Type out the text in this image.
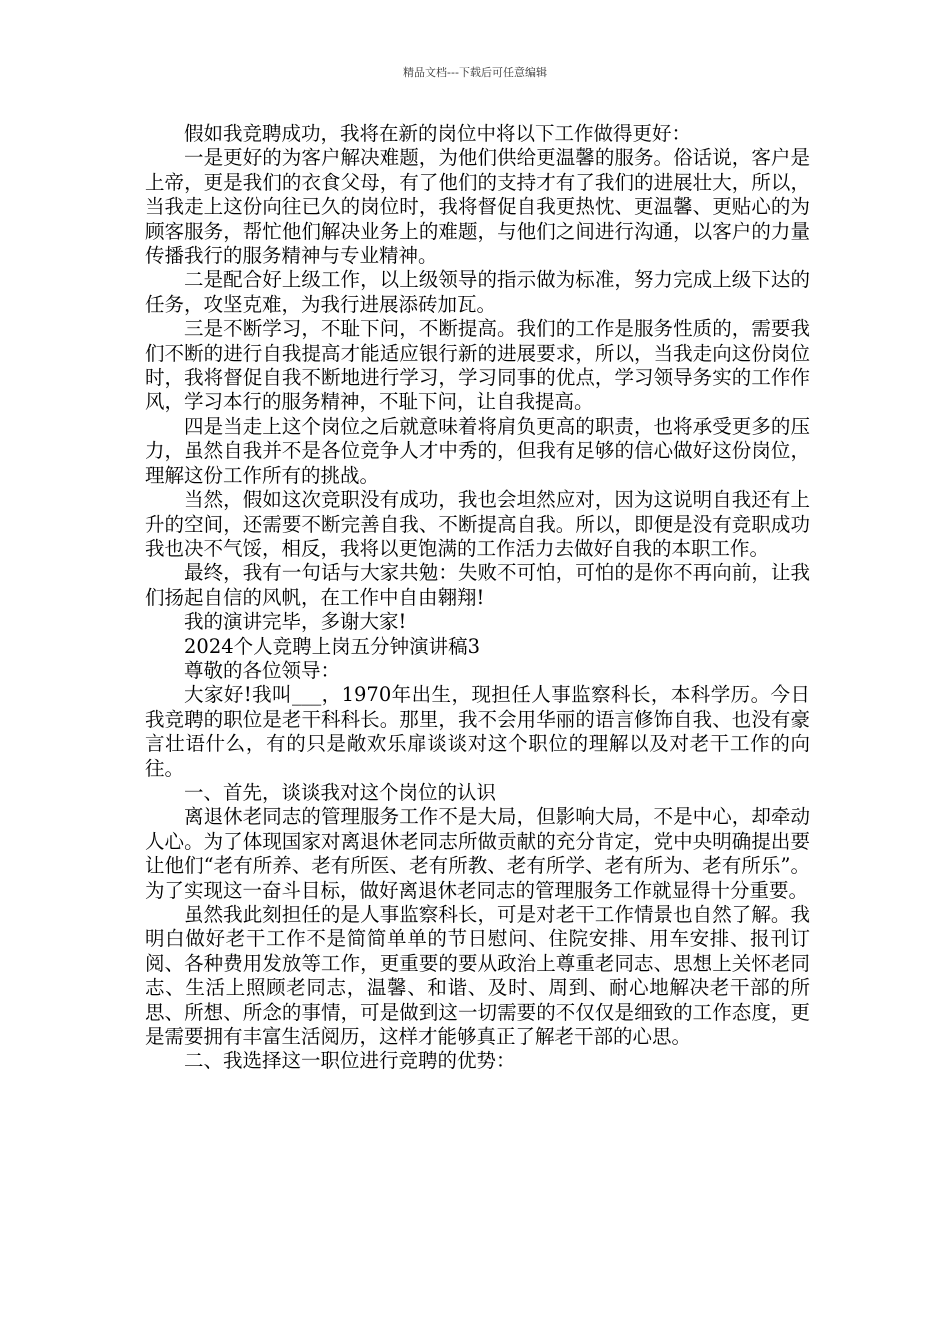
精品文档---下载后可任意编辑

假如我竞聘成功，我将在新的岗位中将以下工作做得更好：

一是更好的为客户解决难题，为他们供给更温馨的服务。俗话说，客户是上帝，更是我们的衣食父母，有了他们的支持才有了我们的进展壮大，所以，当我走上这份向往已久的岗位时，我将督促自我更热忱、更温馨、更贴心的为顾客服务，帮忙他们解决业务上的难题，与他们之间进行沟通，以客户的力量传播我行的服务精神与专业精神。

二是配合好上级工作，以上级领导的指示做为标准，努力完成上级下达的任务，攻坚克难，为我行进展添砖加瓦。

三是不断学习，不耻下问，不断提高。我们的工作是服务性质的，需要我们不断的进行自我提高才能适应银行新的进展要求，所以，当我走向这份岗位时，我将督促自我不断地进行学习，学习同事的优点，学习领导务实的工作作风，学习本行的服务精神，不耻下问，让自我提高。

四是当走上这个岗位之后就意味着将肩负更高的职责，也将承受更多的压力，虽然自我并不是各位竞争人才中秀的，但我有足够的信心做好这份岗位，理解这份工作所有的挑战。

当然，假如这次竞职没有成功，我也会坦然应对，因为这说明自我还有上升的空间，还需要不断完善自我、不断提高自我。所以，即便是没有竞职成功我也决不气馁，相反，我将以更饱满的工作活力去做好自我的本职工作。

最终，我有一句话与大家共勉：失败不可怕，可怕的是你不再向前，让我们扬起自信的风帆，在工作中自由翱翔!

我的演讲完毕，多谢大家!

2024个人竞聘上岗五分钟演讲稿3

尊敬的各位领导：

大家好!我叫___，1970年出生，现担任人事监察科长，本科学历。今日我竞聘的职位是老干科科长。那里，我不会用华丽的语言修饰自我、也没有豪言壮语什么，有的只是敞欢乐扉谈谈对这个职位的理解以及对老干工作的向往。

一、首先，谈谈我对这个岗位的认识

离退休老同志的管理服务工作不是大局，但影响大局，不是中心，却牵动人心。为了体现国家对离退休老同志所做贡献的充分肯定，党中央明确提出要让他们“老有所养、老有所医、老有所教、老有所学、老有所为、老有所乐”。为了实现这一奋斗目标，做好离退休老同志的管理服务工作就显得十分重要。

虽然我此刻担任的是人事监察科长，可是对老干工作情景也自然了解。我明白做好老干工作不是简简单单的节日慰问、住院安排、用车安排、报刊订阅、各种费用发放等工作，更重要的要从政治上尊重老同志、思想上关怀老同志、生活上照顾老同志，温馨、和谐、及时、周到、耐心地解决老干部的所思、所想、所念的事情，可是做到这一切需要的不仅仅是细致的工作态度，更是需要拥有丰富生活阅历，这样才能够真正了解老干部的心思。

二、我选择这一职位进行竞聘的优势：
